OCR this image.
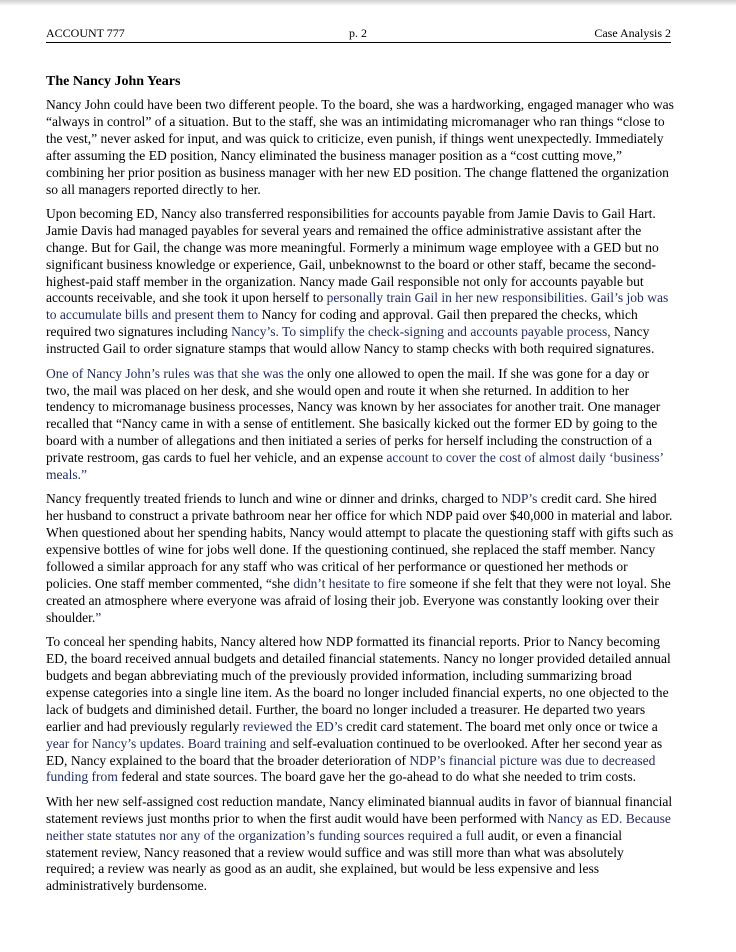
ACCOUNT 777	p. 2	Case Analysis 2
The Nancy John Years

Nancy John could have been two different people. To the board, she was a hardworking, engaged manager who was “always in control” of a situation. But to the staff, she was an intimidating micromanager who ran things “close to the vest,” never asked for input, and was quick to criticize, even punish, if things went unexpectedly. Immediately after assuming the ED position, Nancy eliminated the business manager position as a “cost cutting move,” combining her prior position as business manager with her new ED position. The change flattened the organization so all managers reported directly to her.

Upon becoming ED, Nancy also transferred responsibilities for accounts payable from Jamie Davis to Gail Hart. Jamie Davis had managed payables for several years and remained the office administrative assistant after the change. But for Gail, the change was more meaningful. Formerly a minimum wage employee with a GED but no significant business knowledge or experience, Gail, unbeknownst to the board or other staff, became the second-highest-paid staff member in the organization. Nancy made Gail responsible not only for accounts payable but accounts receivable, and she took it upon herself to personally train Gail in her new responsibilities. Gail’s job was to accumulate bills and present them to Nancy for coding and approval. Gail then prepared the checks, which required two signatures including Nancy’s. To simplify the check-signing and accounts payable process, Nancy instructed Gail to order signature stamps that would allow Nancy to stamp checks with both required signatures.

One of Nancy John’s rules was that she was the only one allowed to open the mail. If she was gone for a day or two, the mail was placed on her desk, and she would open and route it when she returned. In addition to her tendency to micromanage business processes, Nancy was known by her associates for another trait. One manager recalled that “Nancy came in with a sense of entitlement. She basically kicked out the former ED by going to the board with a number of allegations and then initiated a series of perks for herself including the construction of a private restroom, gas cards to fuel her vehicle, and an expense account to cover the cost of almost daily ‘business’ meals.”

Nancy frequently treated friends to lunch and wine or dinner and drinks, charged to NDP’s credit card. She hired her husband to construct a private bathroom near her office for which NDP paid over $40,000 in material and labor. When questioned about her spending habits, Nancy would attempt to placate the questioning staff with gifts such as expensive bottles of wine for jobs well done. If the questioning continued, she replaced the staff member. Nancy followed a similar approach for any staff who was critical of her performance or questioned her methods or policies. One staff member commented, “she didn’t hesitate to fire someone if she felt that they were not loyal. She created an atmosphere where everyone was afraid of losing their job. Everyone was constantly looking over their shoulder.”

To conceal her spending habits, Nancy altered how NDP formatted its financial reports. Prior to Nancy becoming ED, the board received annual budgets and detailed financial statements. Nancy no longer provided detailed annual budgets and began abbreviating much of the previously provided information, including summarizing broad expense categories into a single line item. As the board no longer included financial experts, no one objected to the lack of budgets and diminished detail. Further, the board no longer included a treasurer. He departed two years earlier and had previously regularly reviewed the ED’s credit card statement. The board met only once or twice a year for Nancy’s updates. Board training and self-evaluation continued to be overlooked. After her second year as ED, Nancy explained to the board that the broader deterioration of NDP’s financial picture was due to decreased funding from federal and state sources. The board gave her the go-ahead to do what she needed to trim costs.

With her new self-assigned cost reduction mandate, Nancy eliminated biannual audits in favor of biannual financial statement reviews just months prior to when the first audit would have been performed with Nancy as ED. Because neither state statutes nor any of the organization’s funding sources required a full audit, or even a financial statement review, Nancy reasoned that a review would suffice and was still more than what was absolutely required; a review was nearly as good as an audit, she explained, but would be less expensive and less administratively burdensome.
